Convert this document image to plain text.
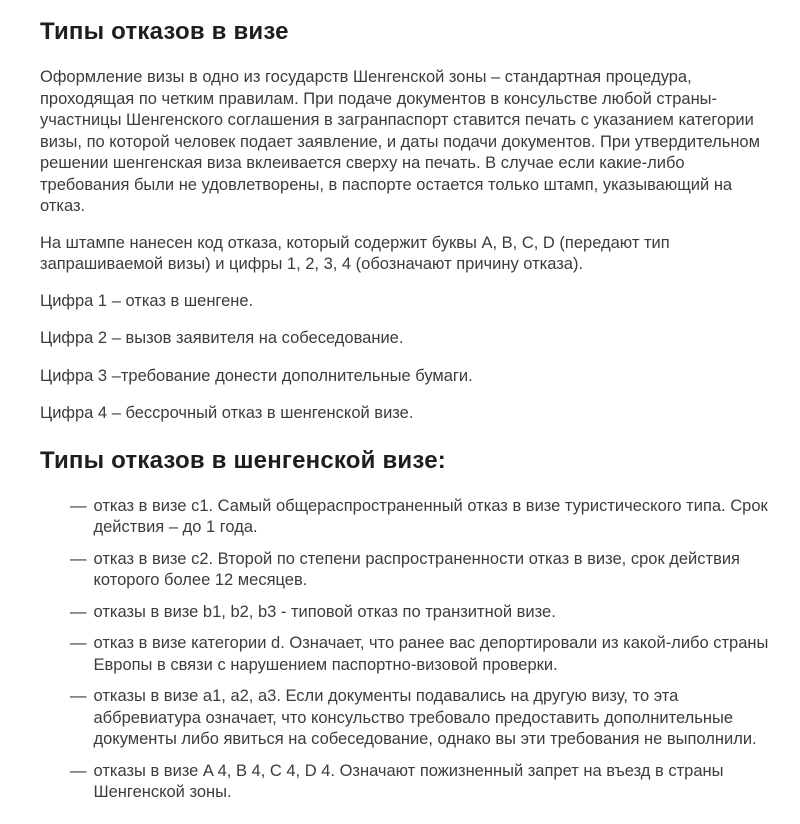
Типы отказов в визе

Оформление визы в одно из государств Шенгенской зоны – стандартная процедура, проходящая по четким правилам. При подаче документов в консульстве любой страны-участницы Шенгенского соглашения в загранпаспорт ставится печать с указанием категории визы, по которой человек подает заявление, и даты подачи документов. При утвердительном решении шенгенская виза вклеивается сверху на печать. В случае если какие-либо требования были не удовлетворены, в паспорте остается только штамп, указывающий на отказ.

На штампе нанесен код отказа, который содержит буквы A, B, C, D (передают тип запрашиваемой визы) и цифры 1, 2, 3, 4 (обозначают причину отказа).

Цифра 1 – отказ в шенгене.

Цифра 2 – вызов заявителя на собеседование.

Цифра 3 –требование донести дополнительные бумаги.

Цифра 4 – бессрочный отказ в шенгенской визе.

Типы отказов в шенгенской визе:
— отказ в визе c1. Самый общераспространенный отказ в визе туристического типа. Срок действия – до 1 года.
— отказ в визе c2. Второй по степени распространенности отказ в визе, срок действия которого более 12 месяцев.
— отказы в визе b1, b2, b3 - типовой отказ по транзитной визе.
— отказ в визе категории d. Означает, что ранее вас депортировали из какой-либо страны Европы в связи с нарушением паспортно-визовой проверки.
— отказы в визе a1, a2, a3. Если документы подавались на другую визу, то эта аббревиатура означает, что консульство требовало предоставить дополнительные документы либо явиться на собеседование, однако вы эти требования не выполнили.
— отказы в визе A 4, B 4, C 4, D 4. Означают пожизненный запрет на въезд в страны Шенгенской зоны.
